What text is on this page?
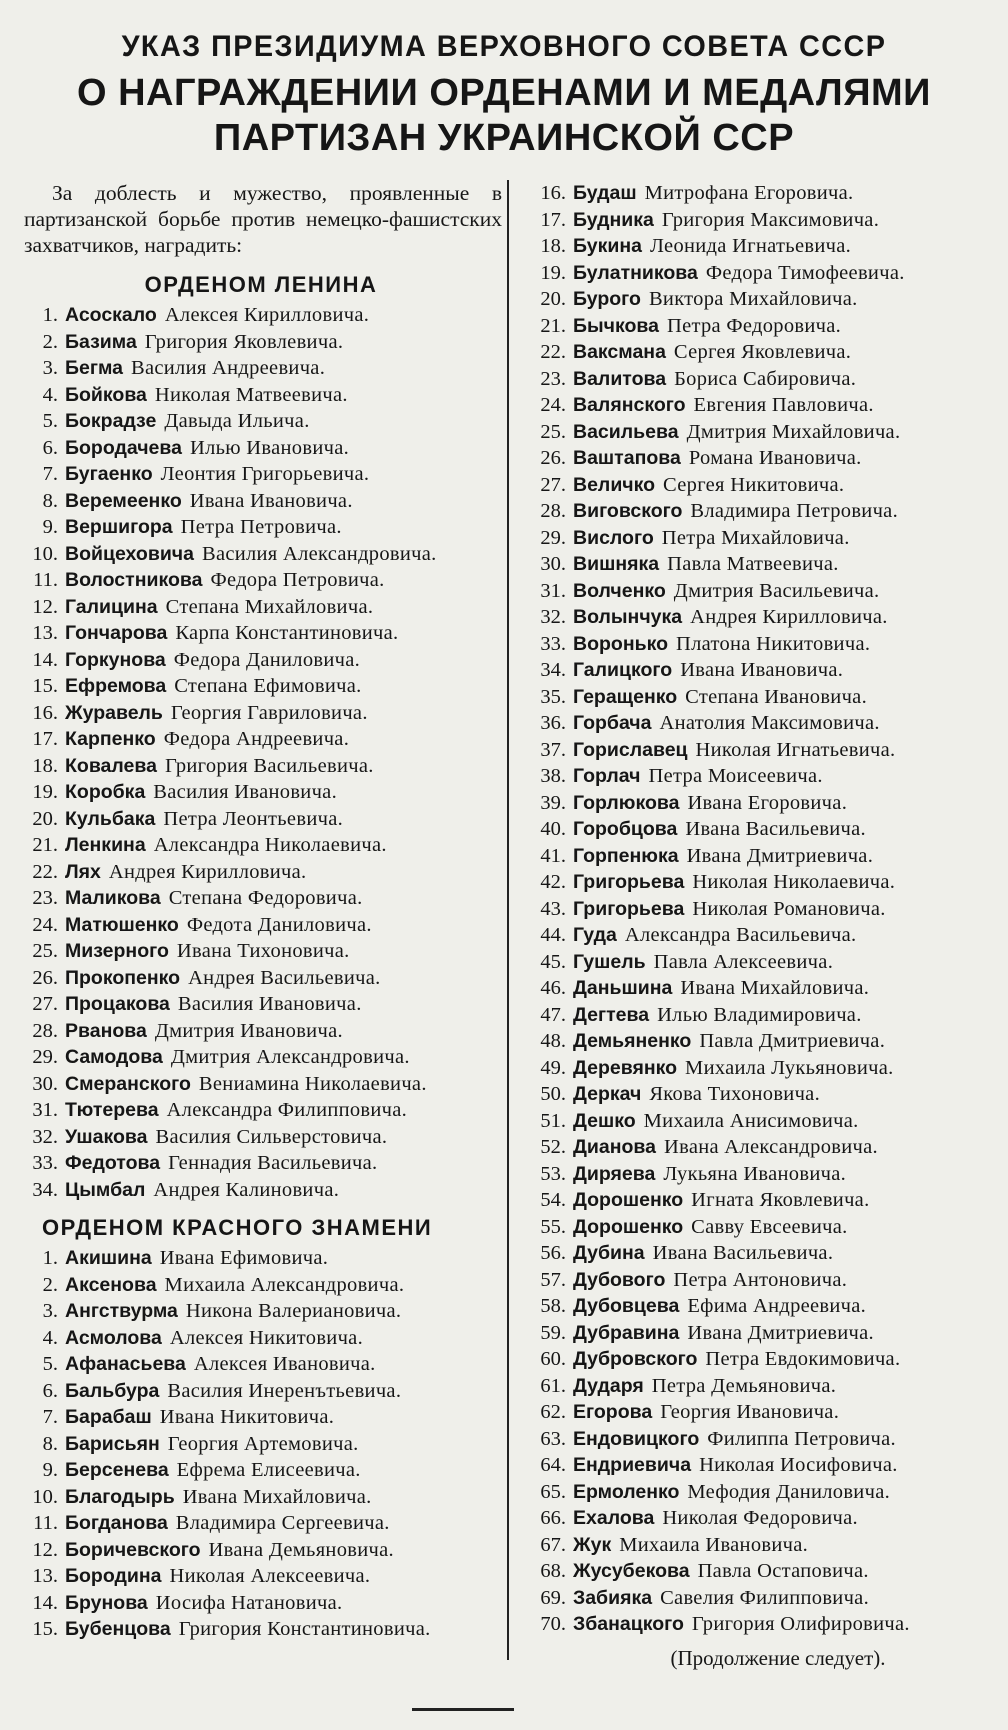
УКАЗ ПРЕЗИДИУМА ВЕРХОВНОГО СОВЕТА СССР
О НАГРАЖДЕНИИ ОРДЕНАМИ И МЕДАЛЯМИ
ПАРТИЗАН УКРАИНСКОЙ ССР

За доблесть и мужество, проявленные в партизанской борьбе против немецко-фашистских захватчиков, наградить:

ОРДЕНОМ ЛЕНИНА
1. Асоскало Алексея Кирилловича.
2. Базима Григория Яковлевича.
3. Бегма Василия Андреевича.
4. Бойкова Николая Матвеевича.
5. Бокрадзе Давыда Ильича.
6. Бородачева Илью Ивановича.
7. Бугаенко Леонтия Григорьевича.
8. Веремеенко Ивана Ивановича.
9. Вершигора Петра Петровича.
10. Войцеховича Василия Александровича.
11. Волостникова Федора Петровича.
12. Галицина Степана Михайловича.
13. Гончарова Карпа Константиновича.
14. Горкунова Федора Даниловича.
15. Ефремова Степана Ефимовича.
16. Журавель Георгия Гавриловича.
17. Карпенко Федора Андреевича.
18. Ковалева Григория Васильевича.
19. Коробка Василия Ивановича.
20. Кульбака Петра Леонтьевича.
21. Ленкина Александра Николаевича.
22. Лях Андрея Кирилловича.
23. Маликова Степана Федоровича.
24. Матюшенко Федота Даниловича.
25. Мизерного Ивана Тихоновича.
26. Прокопенко Андрея Васильевича.
27. Процакова Василия Ивановича.
28. Рванова Дмитрия Ивановича.
29. Самодова Дмитрия Александровича.
30. Смеранского Вениамина Николаевича.
31. Тютерева Александра Филипповича.
32. Ушакова Василия Сильверстовича.
33. Федотова Геннадия Васильевича.
34. Цымбал Андрея Калиновича.
ОРДЕНОМ КРАСНОГО ЗНАМЕНИ
1. Акишина Ивана Ефимовича.
2. Аксенова Михаила Александровича.
3. Ангствурма Никона Валериановича.
4. Асмолова Алексея Никитовича.
5. Афанасьева Алексея Ивановича.
6. Бальбура Василия Инеренътьевича.
7. Барабаш Ивана Никитовича.
8. Барисьян Георгия Артемовича.
9. Берсенева Ефрема Елисеевича.
10. Благодырь Ивана Михайловича.
11. Богданова Владимира Сергеевича.
12. Боричевского Ивана Демьяновича.
13. Бородина Николая Алексеевича.
14. Брунова Иосифа Натановича.
15. Бубенцова Григория Константиновича.
16. Будаш Митрофана Егоровича.
17. Будника Григория Максимовича.
18. Букина Леонида Игнатьевича.
19. Булатникова Федора Тимофеевича.
20. Бурого Виктора Михайловича.
21. Бычкова Петра Федоровича.
22. Ваксмана Сергея Яковлевича.
23. Валитова Бориса Сабировича.
24. Валянского Евгения Павловича.
25. Васильева Дмитрия Михайловича.
26. Ваштапова Романа Ивановича.
27. Величко Сергея Никитовича.
28. Виговского Владимира Петровича.
29. Вислого Петра Михайловича.
30. Вишняка Павла Матвеевича.
31. Волченко Дмитрия Васильевича.
32. Волынчука Андрея Кирилловича.
33. Воронько Платона Никитовича.
34. Галицкого Ивана Ивановича.
35. Геращенко Степана Ивановича.
36. Горбача Анатолия Максимовича.
37. Гориславец Николая Игнатьевича.
38. Горлач Петра Моисеевича.
39. Горлюкова Ивана Егоровича.
40. Горобцова Ивана Васильевича.
41. Горпенюка Ивана Дмитриевича.
42. Григорьева Николая Николаевича.
43. Григорьева Николая Романовича.
44. Гуда Александра Васильевича.
45. Гушель Павла Алексеевича.
46. Даньшина Ивана Михайловича.
47. Дегтева Илью Владимировича.
48. Демьяненко Павла Дмитриевича.
49. Деревянко Михаила Лукьяновича.
50. Деркач Якова Тихоновича.
51. Дешко Михаила Анисимовича.
52. Дианова Ивана Александровича.
53. Диряева Лукьяна Ивановича.
54. Дорошенко Игната Яковлевича.
55. Дорошенко Савву Евсеевича.
56. Дубина Ивана Васильевича.
57. Дубового Петра Антоновича.
58. Дубовцева Ефима Андреевича.
59. Дубравина Ивана Дмитриевича.
60. Дубровского Петра Евдокимовича.
61. Дударя Петра Демьяновича.
62. Егорова Георгия Ивановича.
63. Ендовицкого Филиппа Петровича.
64. Ендриевича Николая Иосифовича.
65. Ермоленко Мефодия Даниловича.
66. Ехалова Николая Федоровича.
67. Жук Михаила Ивановича.
68. Жусубекова Павла Остаповича.
69. Забияка Савелия Филипповича.
70. Збанацкого Григория Олифировича.
(Продолжение следует).
